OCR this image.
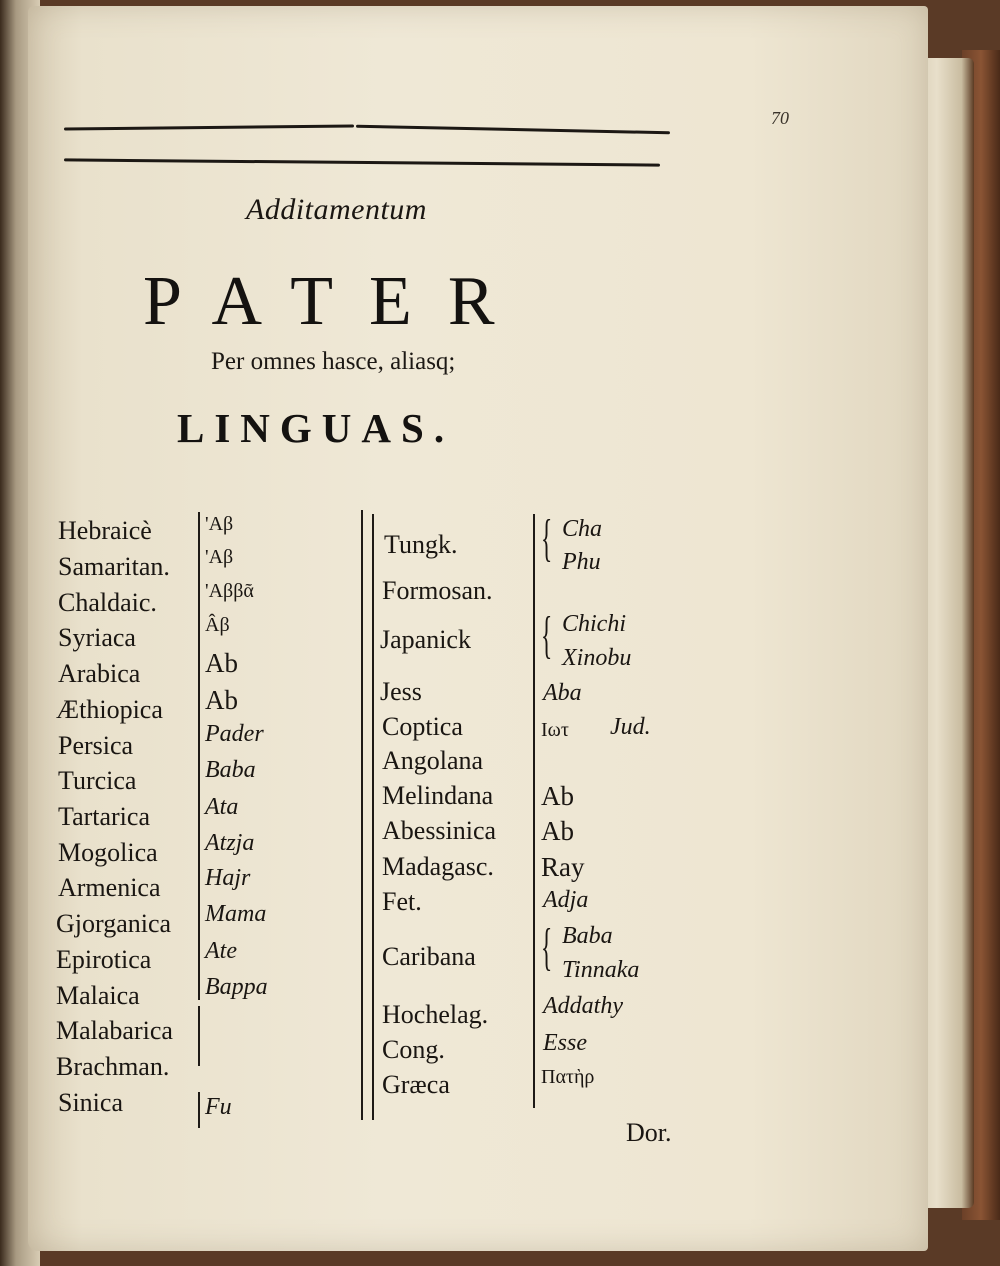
70
Additamentum
PATER
Per omnes hasce, aliasq;
LINGUAS.
Hebraicè
Samaritan.
Chaldaic.
Syriaca
Arabica
Æthiopica
Persica
Turcica
Tartarica
Mogolica
Armenica
Gjorganica
Epirotica
Malaica
Malabarica
Brachman.
Sinica
'Aβ
'Aβ
'Aββᾶ
Âβ
Ab
Ab
Pader
Baba
Ata
Atzja
Hajr
Mama
Ate
Bappa
Fu
Tungk.
Formosan.
Japanick
Jess
Coptica
Angolana
Melindana
Abessinica
Madagasc.
Fet.
Caribana
Hochelag.
Cong.
Græca
{
{
{
Cha
Phu
Chichi
Xinobu
Aba
Ιωτ Jud.
Ab
Ab
Ray
Adja
Baba
Tinnaka
Addathy
Esse
Πατὴρ
Dor.
